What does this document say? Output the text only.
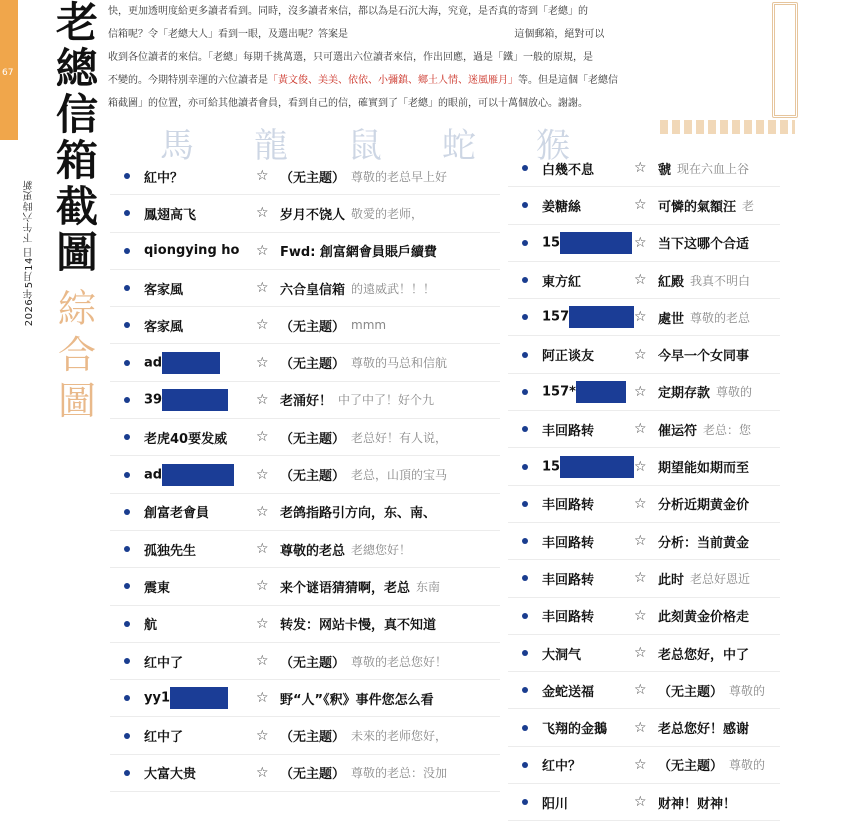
67
老
總
信
箱
截
圖
綜
合
圖
2026年5月14日 下午六時更新
快，更加透明度給更多讀者看到。同時，沒多讀者來信，都以為是石沉大海，究竟，是否真的寄到「老總」的
信箱呢？令「老總大人」看到一眼，及選出呢？答案是	這個郵箱，絕對可以
收到各位讀者的來信。「老總」每期千挑萬選，只可選出六位讀者來信，作出回應，過是「鐵」一般的原規，是
不變的。今期特別幸運的六位讀者是「黃文俊、美美、依依、小彌鎮、鄉土人情、迷風雁月」等。但是這個「老總信
箱截圖」的位置，亦可給其他讀者會員，看到自己的信，確實到了「老總」的眼前，可以十萬個放心。謝謝。
馬 龍 鼠 蛇 猴
紅中？	☆ （无主题） 尊敬的老总早上好
鳳翅高飞	☆ 岁月不饶人 敬愛的老师，
qiongying ho	☆ Fwd: 創富網會員賬戶續費
客家風	☆ 六合皇信箱 的遠威武！！！
客家風	☆ （无主题） mmm
ad	☆ （无主题） 尊敬的马总和信航
39	☆ 老涌好！ 中了中了！好个九
老虎40要发威	☆ （无主题） 老总好！有人说，
ad	☆ （无主题） 老总，山頂的宝马
創富老會員	☆ 老鸽指路引方向，东、南、
孤独先生	☆ 尊敬的老总 老總您好！
震東	☆ 来个谜语猜猜啊，老总 东南
航	☆ 转发：网站卡慢，真不知道
红中了	☆ （无主题） 尊敬的老总您好！
yy1	☆ 野“人”《釈》事件您怎么看
红中了	☆ （无主题） 未來的老师您好，
大富大贵	☆ （无主题） 尊敬的老总：没加
白幾不息	☆ 虢 现在六血上谷
姜糖絲	☆ 可憐的氣額汪 老
15	☆ 当下这哪个合适
東方紅	☆ 紅殿 我真不明白
157	☆ 處世 尊敬的老总
阿正谈友	☆ 今早一个女同事
157*	☆ 定期存款 尊敬的
丰回路转	☆ 催运符 老总：您
15	☆ 期望能如期而至
丰回路转	☆ 分析近期黄金价
丰回路转	☆ 分析：当前黄金
丰回路转	☆ 此时 老总好恩近
丰回路转	☆ 此刻黄金价格走
大洞气	☆ 老总您好，中了
金蛇送福	☆ （无主题） 尊敬的
飞翔的金鵝	☆ 老总您好！感谢
红中？	☆ （无主题） 尊敬的
阳川	☆ 财神！财神！
